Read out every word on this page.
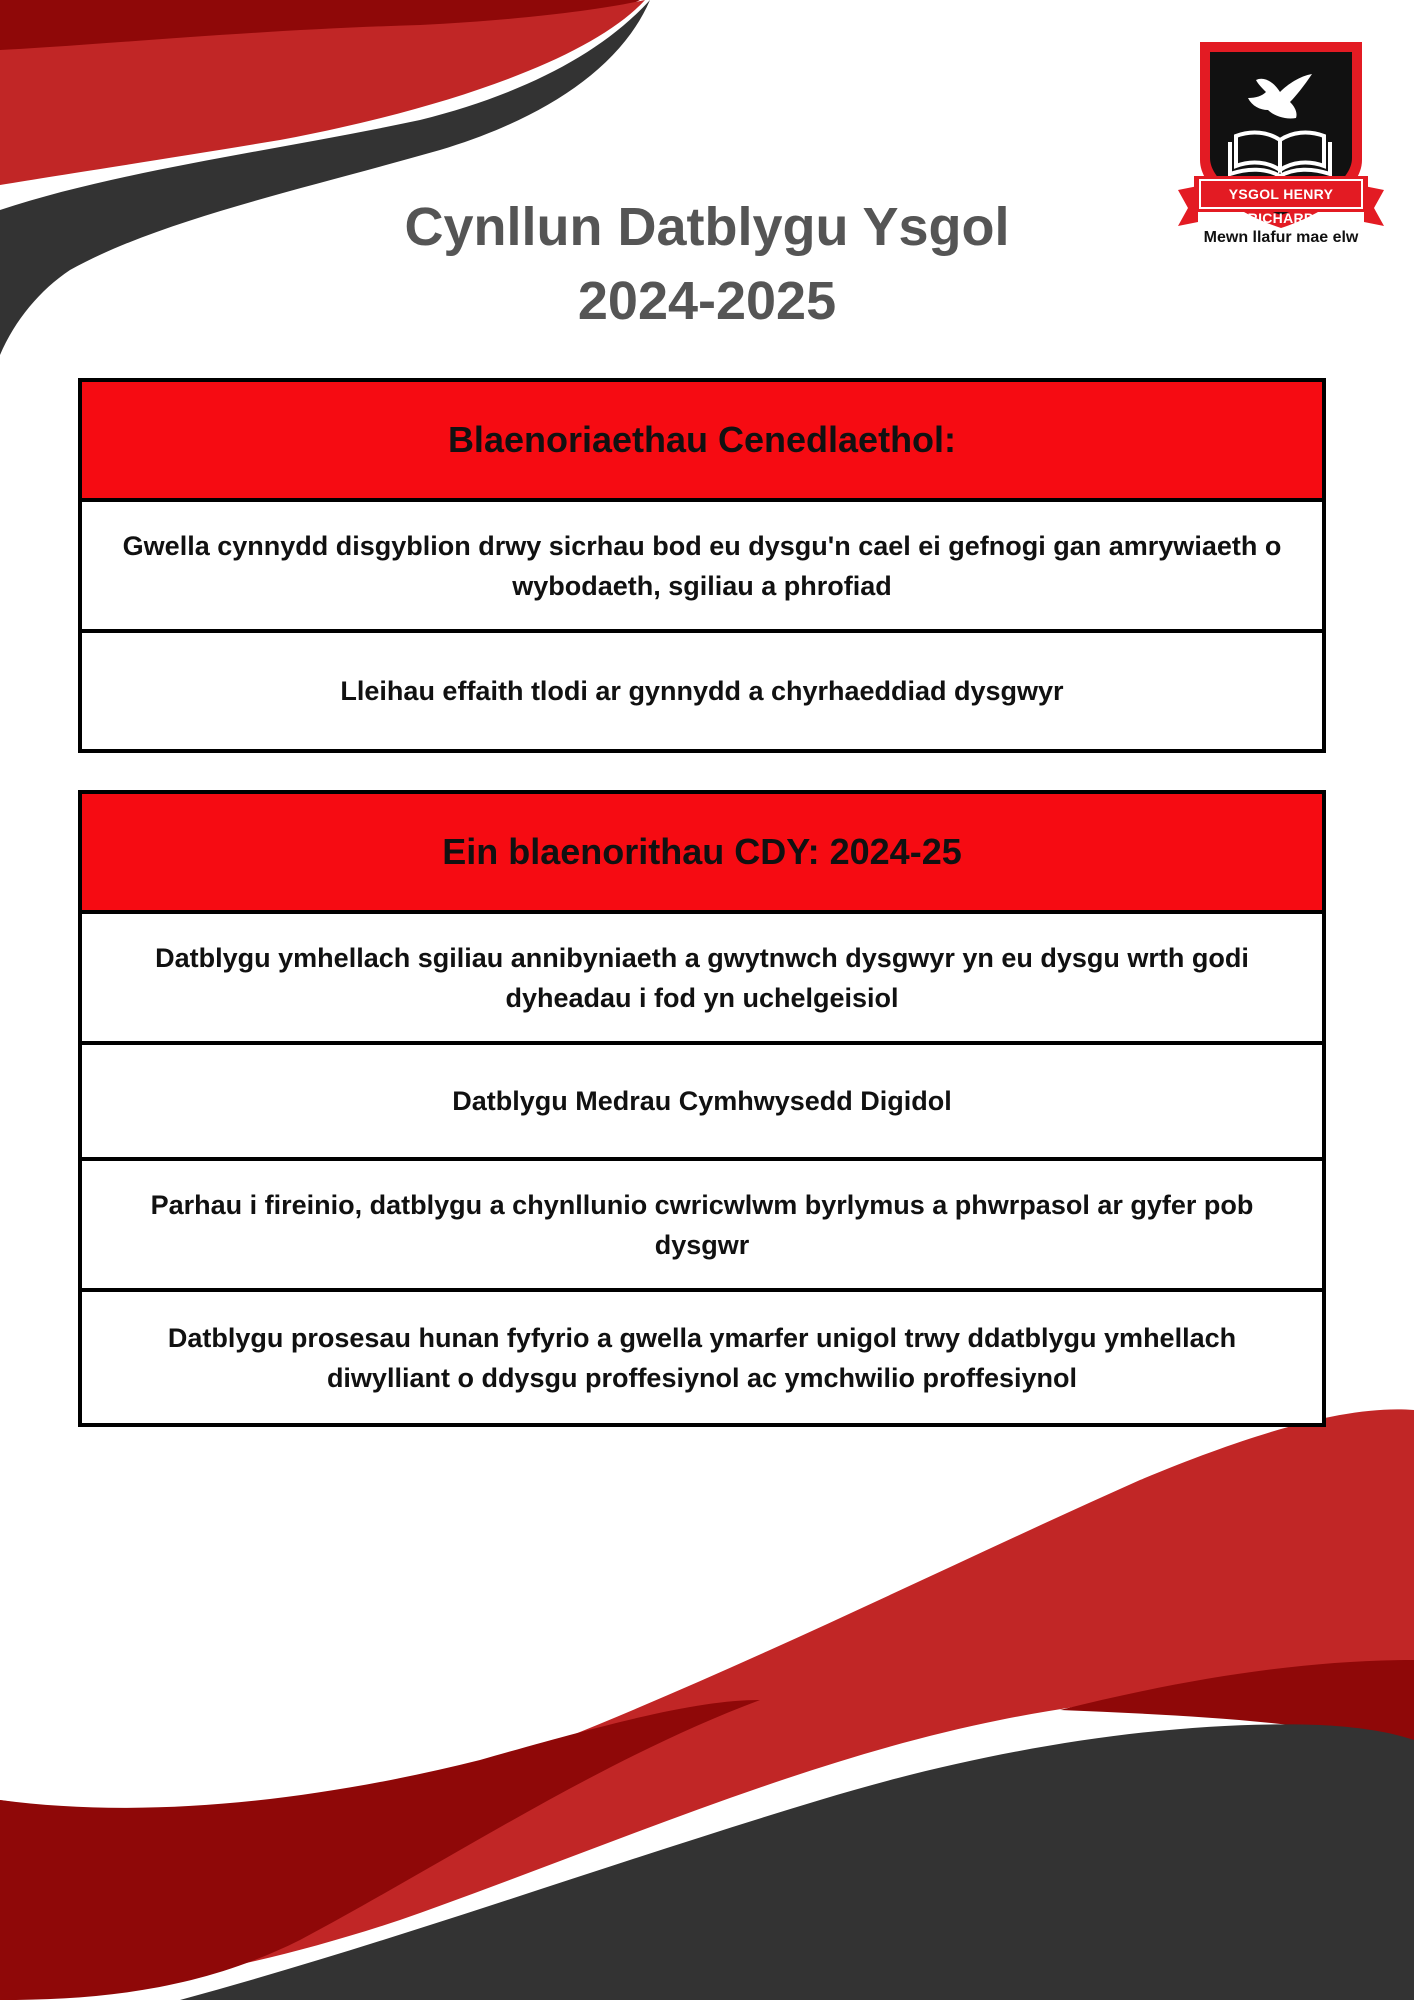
Cynllun Datblygu Ysgol
2024-2025
YSGOL HENRY RICHARD
Mewn llafur mae elw
Blaenoriaethau Cenedlaethol:
Gwella cynnydd disgyblion drwy sicrhau bod eu dysgu'n cael ei gefnogi gan amrywiaeth o wybodaeth, sgiliau a phrofiad
Lleihau effaith tlodi ar gynnydd a chyrhaeddiad dysgwyr
Ein blaenorithau CDY: 2024-25
Datblygu ymhellach sgiliau annibyniaeth a gwytnwch dysgwyr yn eu dysgu wrth godi dyheadau i fod yn uchelgeisiol
Datblygu Medrau Cymhwysedd Digidol
Parhau i fireinio, datblygu a chynllunio cwricwlwm byrlymus a phwrpasol ar gyfer pob dysgwr
Datblygu prosesau hunan fyfyrio a gwella ymarfer unigol trwy ddatblygu ymhellach diwylliant o ddysgu proffesiynol ac ymchwilio proffesiynol
